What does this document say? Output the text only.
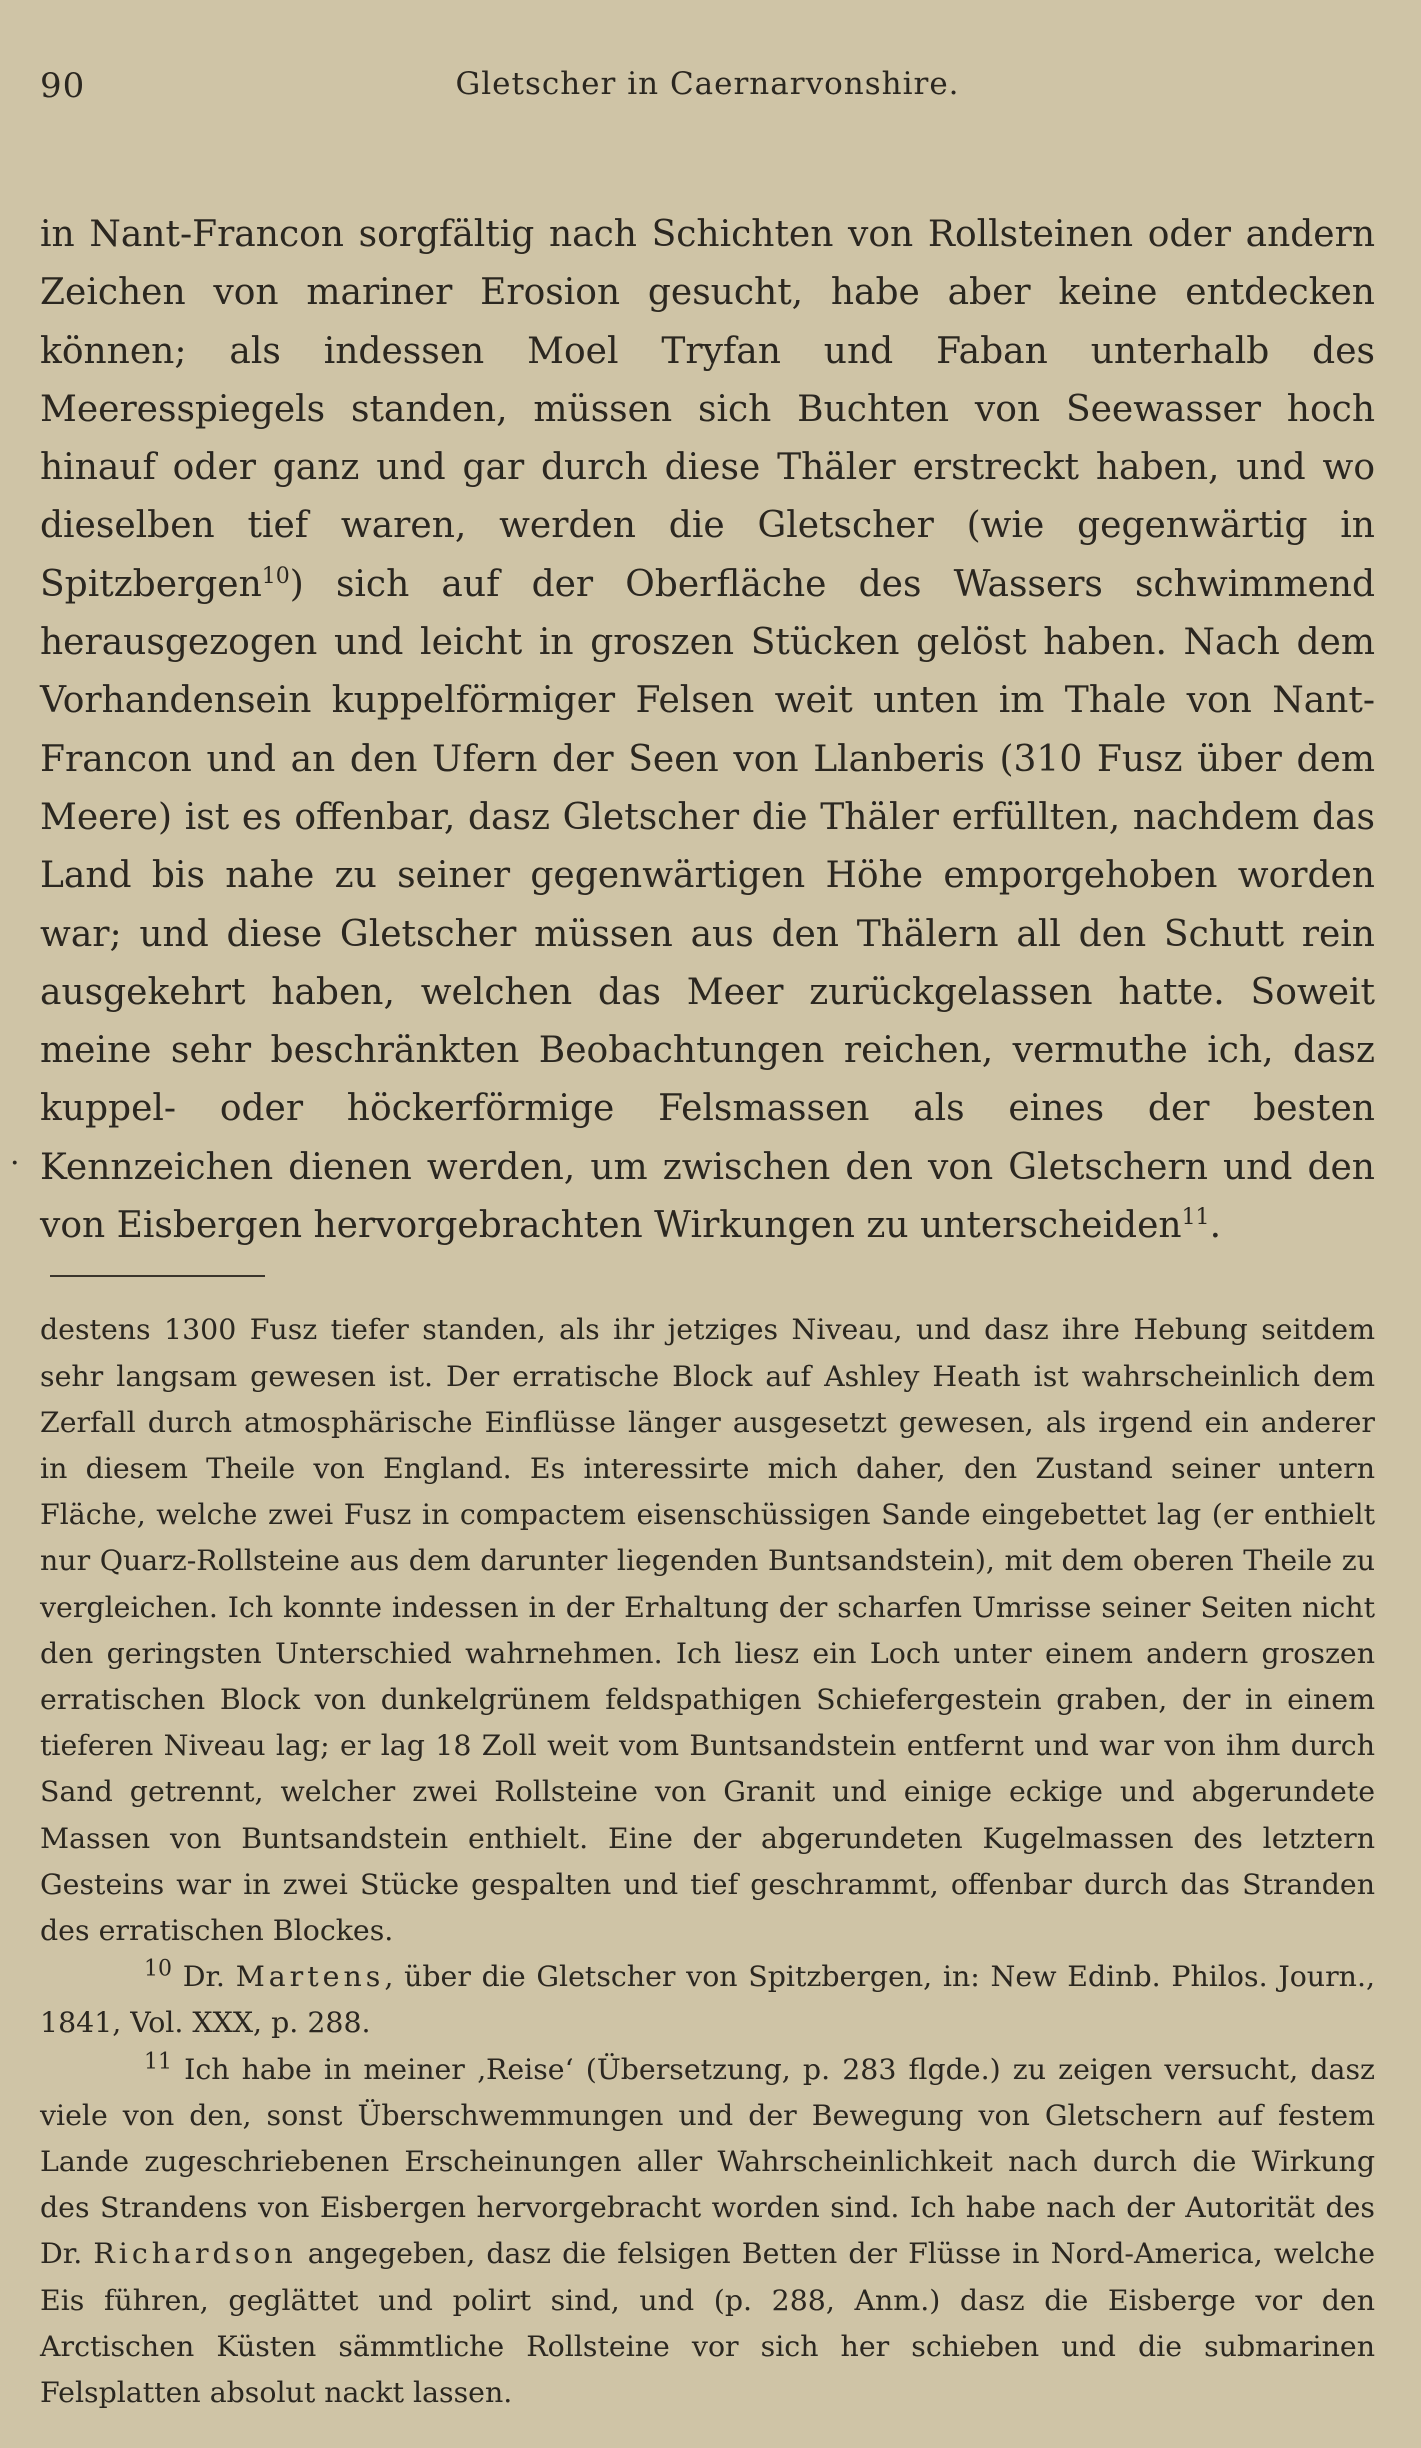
90	Gletscher in Caernarvonshire.
·
in Nant-Francon sorgfältig nach Schichten von Rollsteinen oder andern Zeichen von mariner Erosion gesucht, habe aber keine entdecken können; als indessen Moel Tryfan und Faban unterhalb des Meeresspiegels standen, müssen sich Buchten von Seewasser hoch hinauf oder ganz und gar durch diese Thäler erstreckt haben, und wo dieselben tief waren, werden die Gletscher (wie gegenwärtig in Spitzbergen$^{10}$) sich auf der Oberfläche des Wassers schwimmend herausgezogen und leicht in groszen Stücken gelöst haben. Nach dem Vorhandensein kuppelförmiger Felsen weit unten im Thale von Nant-Francon und an den Ufern der Seen von Llanberis (310 Fusz über dem Meere) ist es offenbar, dasz Gletscher die Thäler erfüllten, nachdem das Land bis nahe zu seiner gegenwärtigen Höhe emporgehoben worden war; und diese Gletscher müssen aus den Thälern all den Schutt rein ausgekehrt haben, welchen das Meer zurückgelassen hatte. Soweit meine sehr beschränkten Beobachtungen reichen, vermuthe ich, dasz kuppel- oder höckerförmige Felsmassen als eines der besten Kennzeichen dienen werden, um zwischen den von Gletschern und den von Eisbergen hervorgebrachten Wirkungen zu unterscheiden$^{11}$.

destens 1300 Fusz tiefer standen, als ihr jetziges Niveau, und dasz ihre Hebung seitdem sehr langsam gewesen ist. Der erratische Block auf Ashley Heath ist wahrscheinlich dem Zerfall durch atmosphärische Einflüsse länger ausgesetzt gewesen, als irgend ein anderer in diesem Theile von England. Es interessirte mich daher, den Zustand seiner untern Fläche, welche zwei Fusz in compactem eisenschüssigen Sande eingebettet lag (er enthielt nur Quarz-Rollsteine aus dem darunter liegenden Buntsandstein), mit dem oberen Theile zu vergleichen. Ich konnte indessen in der Erhaltung der scharfen Umrisse seiner Seiten nicht den geringsten Unterschied wahrnehmen. Ich liesz ein Loch unter einem andern groszen erratischen Block von dunkelgrünem feldspathigen Schiefergestein graben, der in einem tieferen Niveau lag; er lag 18 Zoll weit vom Buntsandstein entfernt und war von ihm durch Sand getrennt, welcher zwei Rollsteine von Granit und einige eckige und abgerundete Massen von Buntsandstein enthielt. Eine der abgerundeten Kugelmassen des letztern Gesteins war in zwei Stücke gespalten und tief geschrammt, offenbar durch das Stranden des erratischen Blockes.

$^{10}$ Dr. Martens, über die Gletscher von Spitzbergen, in: New Edinb. Philos. Journ., 1841, Vol. XXX, p. 288.

$^{11}$ Ich habe in meiner ‚Reise‘ (Übersetzung, p. 283 flgde.) zu zeigen versucht, dasz viele von den, sonst Überschwemmungen und der Bewegung von Gletschern auf festem Lande zugeschriebenen Erscheinungen aller Wahrscheinlichkeit nach durch die Wirkung des Strandens von Eisbergen hervorgebracht worden sind. Ich habe nach der Autorität des Dr. Richardson angegeben, dasz die felsigen Betten der Flüsse in Nord-America, welche Eis führen, geglättet und polirt sind, und (p. 288, Anm.) dasz die Eisberge vor den Arctischen Küsten sämmtliche Rollsteine vor sich her schieben und die submarinen Felsplatten absolut nackt lassen.
